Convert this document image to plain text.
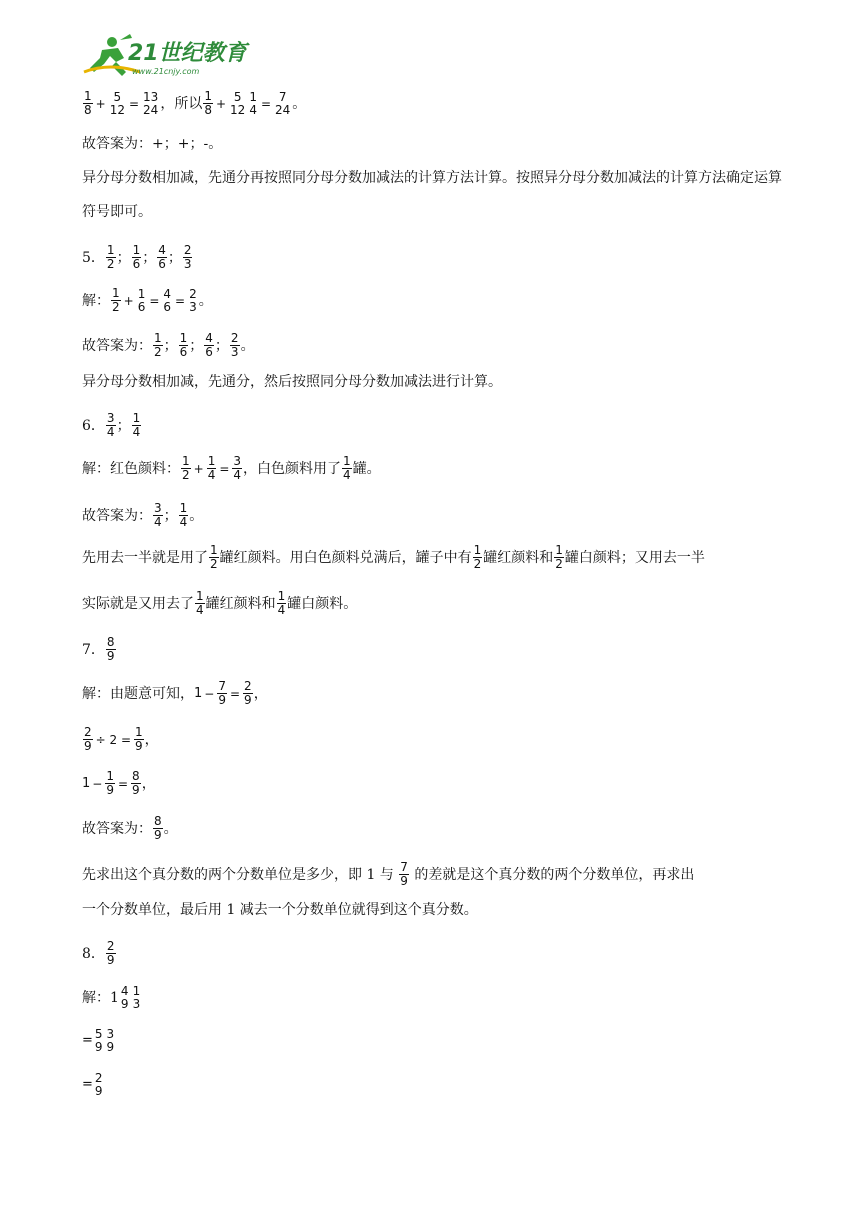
21世纪教育
www.21cnjy.com
$\frac{1}{8} + 5$
12 = 13
24 ，所以 $\frac{1}{8} + 5$
12
1
4 = 7
24 。
故答案为：+；+；-。
异分母分数相加减，先通分再按照同分母分数加减法的计算方法计算。按照异分母分数加减法的计算方法确定运算符号即可。
5． $\frac{1}{2}$ ； $\frac{1}{6}$ ； $\frac{4}{6}$ ； $\frac{2}{3}$
解： $\frac{1}{2} + 1$
6 = 4
6 = 2
3 。
故答案为： $\frac{1}{2}$ ； $\frac{1}{6}$ ； $\frac{4}{6}$ ； $\frac{2}{3}$ 。
异分母分数相加减，先通分，然后按照同分母分数加减法进行计算。
6． $\frac{3}{4}$ ； $\frac{1}{4}$
解：红色颜料： $\frac{1}{2} + \frac{1}{4} = \frac{3}{4}$ ，白色颜料用了 $\frac{1}{4}$ 罐。
故答案为： $\frac{3}{4}$ ； $\frac{1}{4}$ 。
先用去一半就是用了 $\frac{1}{2}$ 罐红颜料。用白色颜料兑满后，罐子中有 $\frac{1}{2}$ 罐红颜料和 $\frac{1}{2}$ 罐白颜料；又用去一半
实际就是又用去了 $\frac{1}{4}$ 罐红颜料和 $\frac{1}{4}$ 罐白颜料。
7． $\frac{8}{9}$
解：由题意可知， $1 - \frac{7}{9} = \frac{2}{9}$ ，
$\frac{2}{9} \div 2 = \frac{1}{9}$ ，
$1 - \frac{1}{9} = \frac{8}{9}$ ，
故答案为： $\frac{8}{9}$ 。
先求出这个真分数的两个分数单位是多少，即 1 与
$\frac{7}{9}$
的差就是这个真分数的两个分数单位，再求出
一个分数单位，最后用 1 减去一个分数单位就得到这个真分数。
8． $\frac{2}{9}$
解：1 4
9
1
3
= 5
9
3
9
= 2
9
